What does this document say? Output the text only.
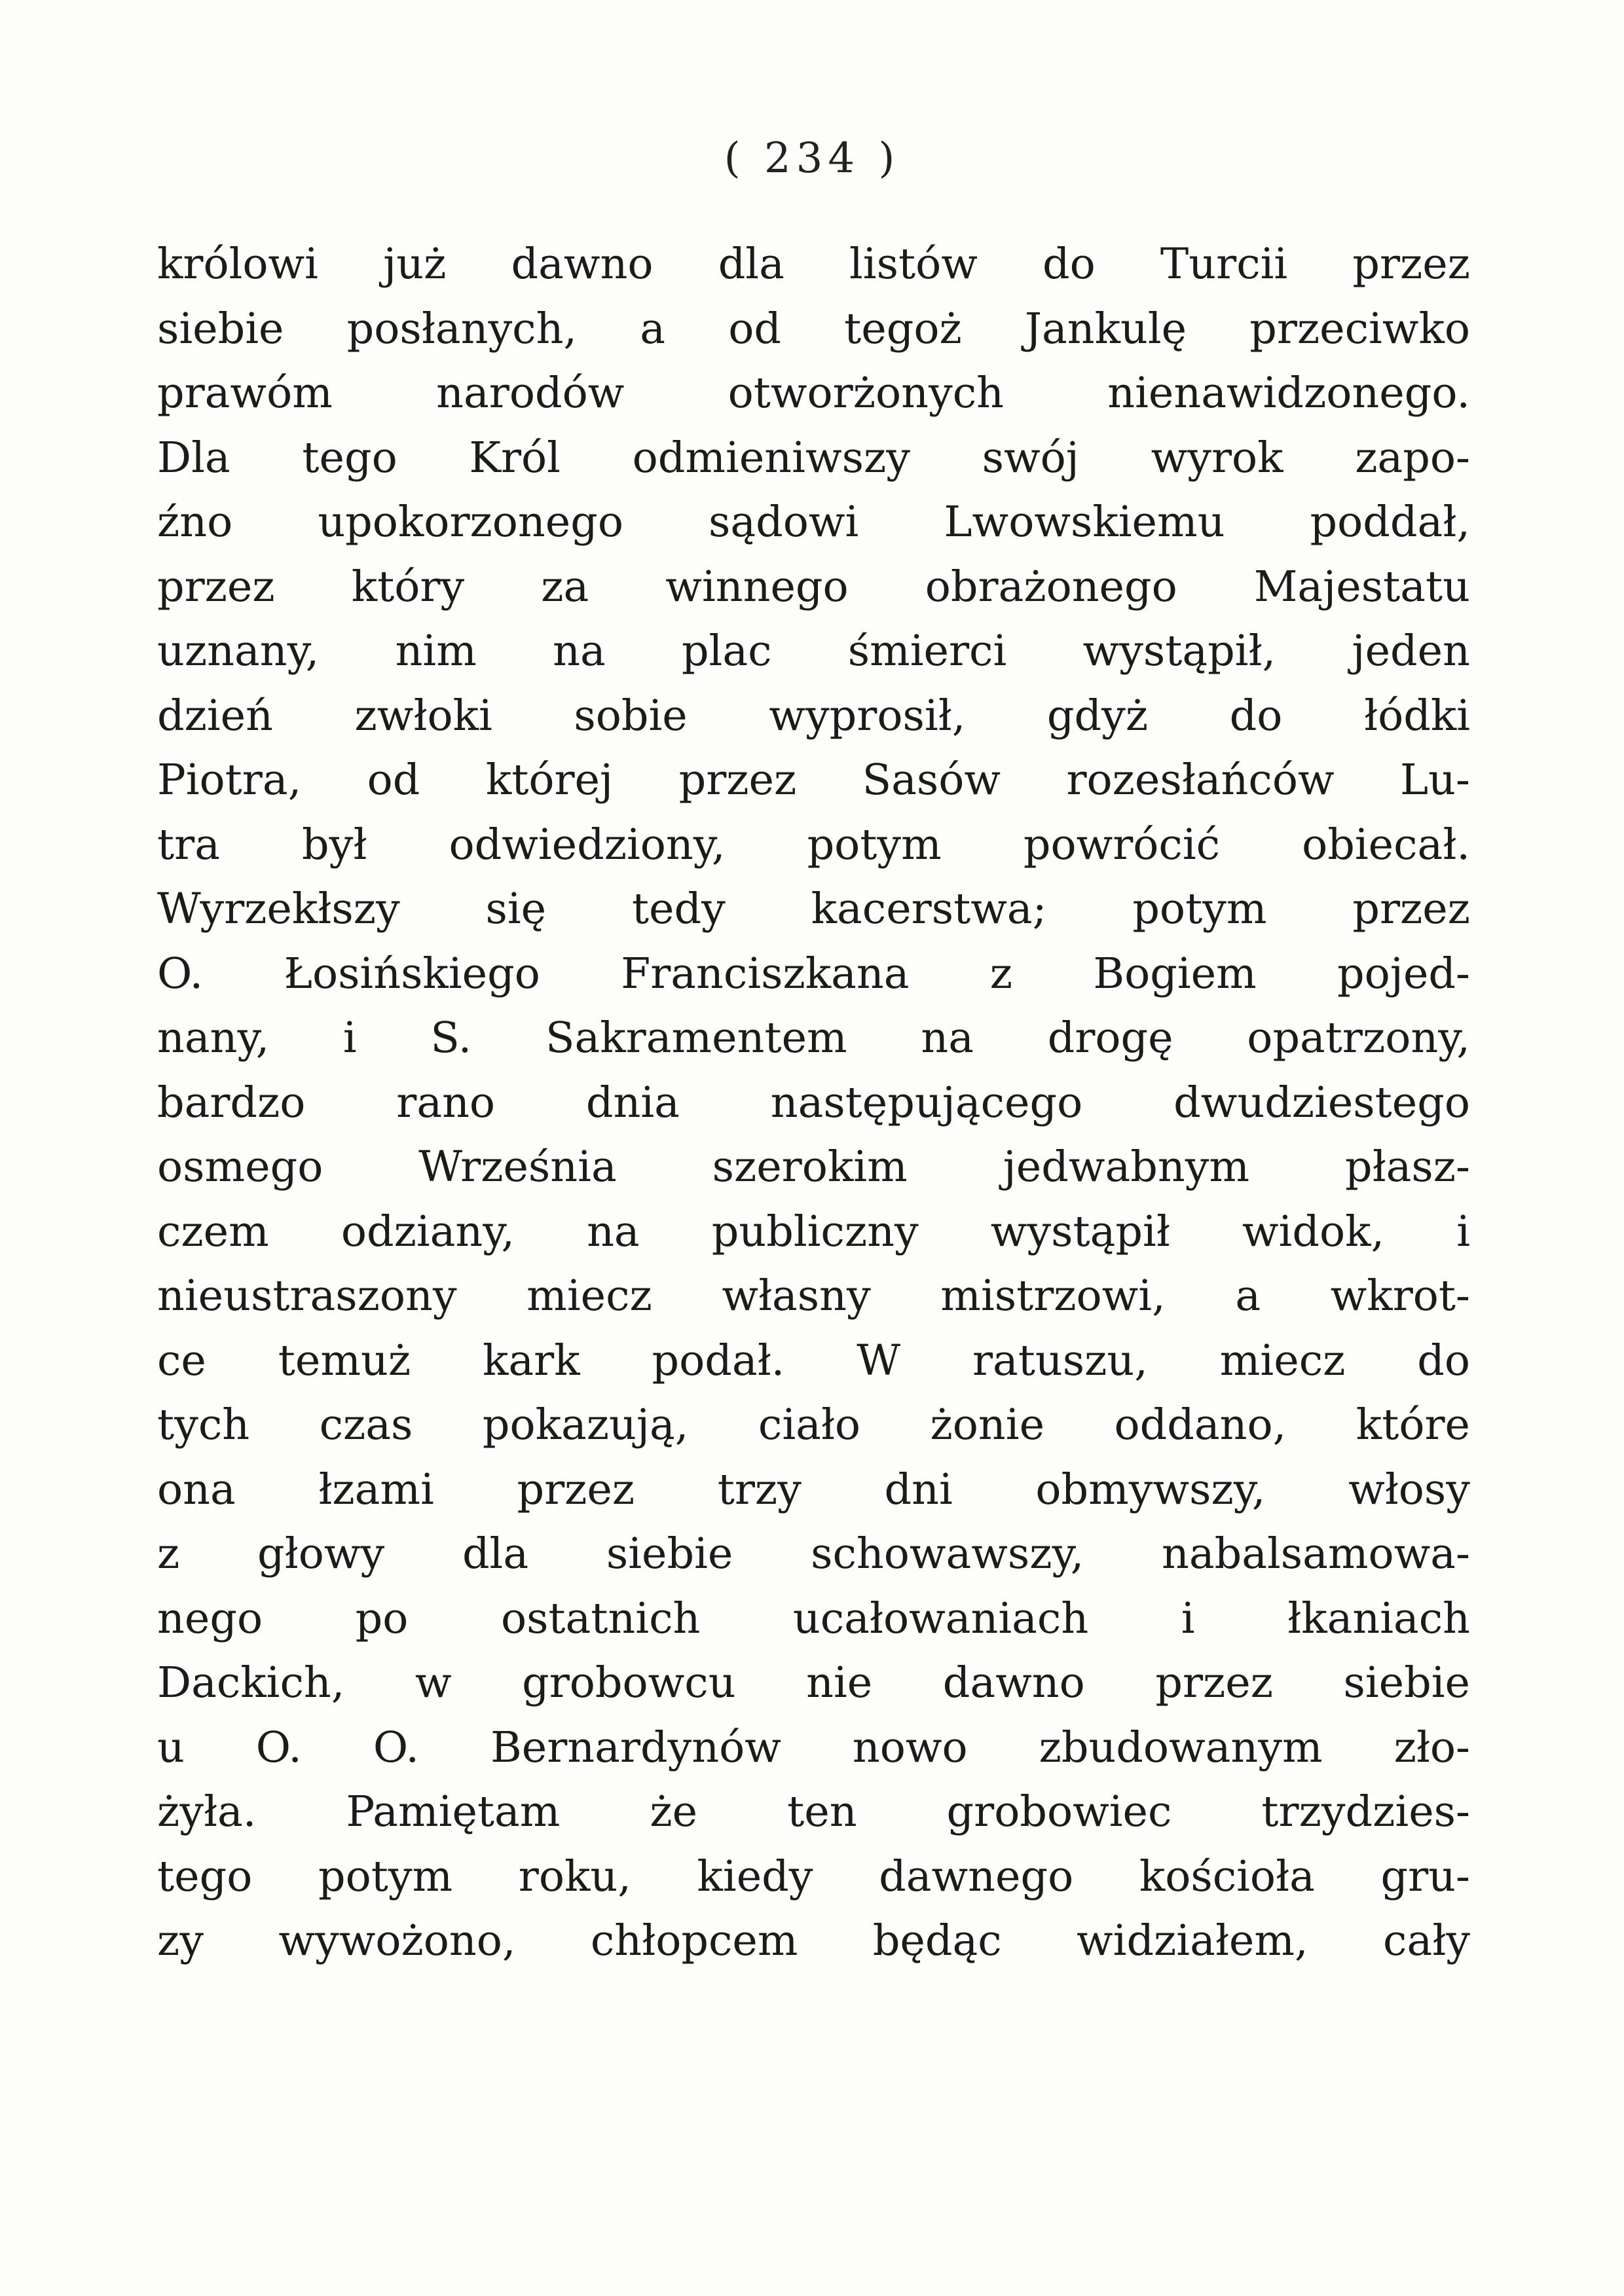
( 234 )
królowi już dawno dla listów do Turcii przez
siebie posłanych, a od tegoż Jankulę przeciwko
prawóm narodów otworżonych nienawidzonego.
Dla tego Król odmieniwszy swój wyrok zapo-
źno upokorzonego sądowi Lwowskiemu poddał,
przez który za winnego obrażonego Majestatu
uznany, nim na plac śmierci wystąpił, jeden
dzień zwłoki sobie wyprosił, gdyż do łódki
Piotra, od której przez Sasów rozesłańców Lu-
tra był odwiedziony, potym powrócić obiecał.
Wyrzekłszy się tedy kacerstwa; potym przez
O. Łosińskiego Franciszkana z Bogiem pojed-
nany, i S. Sakramentem na drogę opatrzony,
bardzo rano dnia następującego dwudziestego
osmego Września szerokim jedwabnym płasz-
czem odziany, na publiczny wystąpił widok, i
nieustraszony miecz własny mistrzowi, a wkrot-
ce temuż kark podał. W ratuszu, miecz do
tych czas pokazują, ciało żonie oddano, które
ona łzami przez trzy dni obmywszy, włosy
z głowy dla siebie schowawszy, nabalsamowa-
nego po ostatnich ucałowaniach i łkaniach
Dackich, w grobowcu nie dawno przez siebie
u O. O. Bernardynów nowo zbudowanym zło-
żyła. Pamiętam że ten grobowiec trzydzies-
tego potym roku, kiedy dawnego kościoła gru-
zy wywożono, chłopcem będąc widziałem, cały
